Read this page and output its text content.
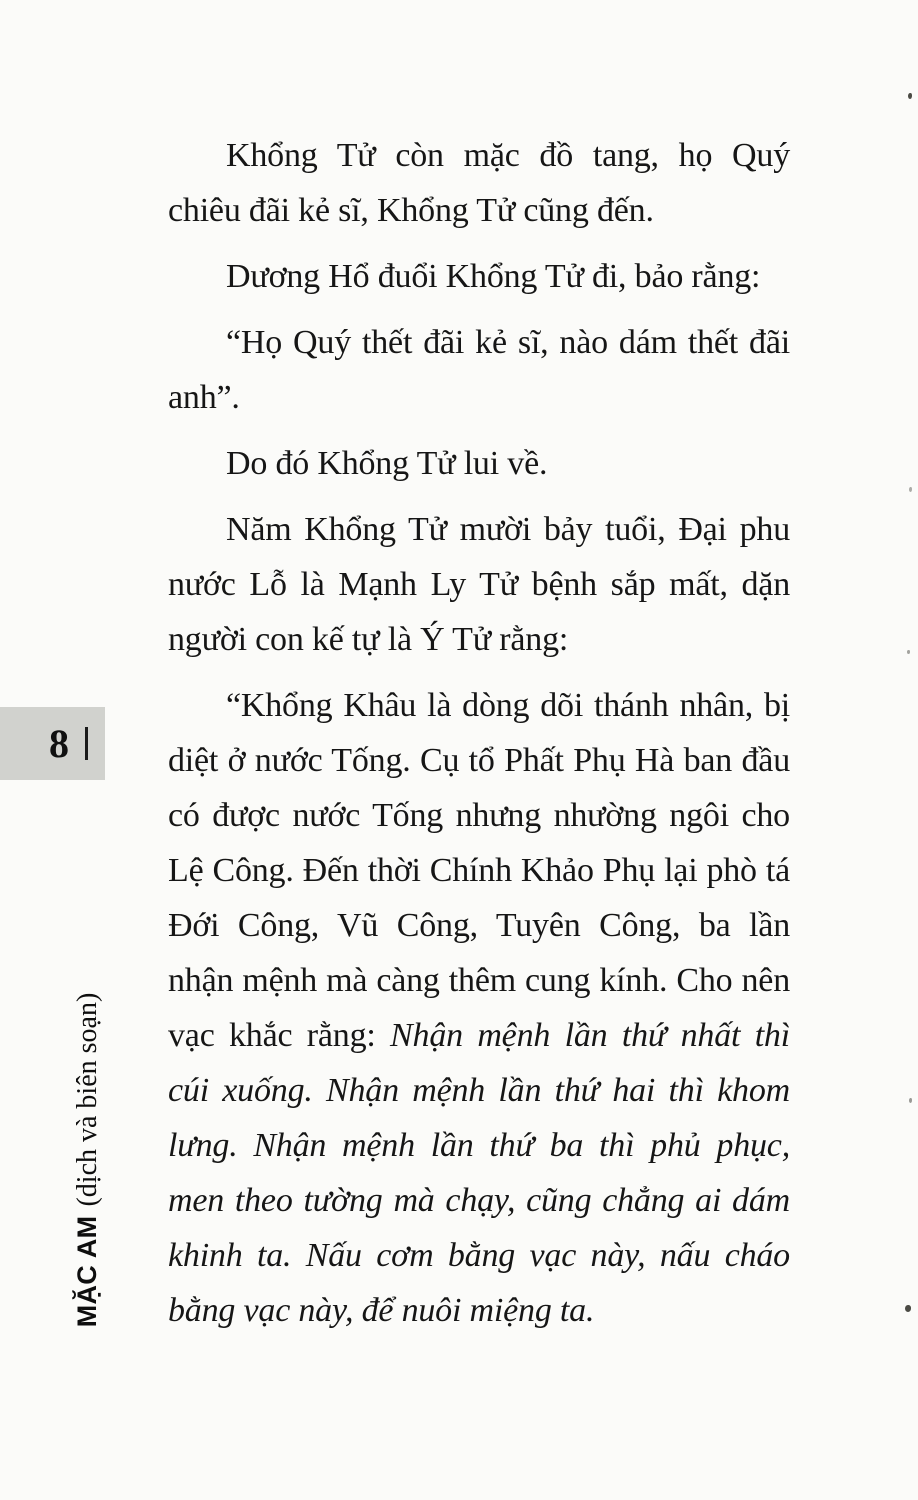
Khổng Tử còn mặc đồ tang, họ Quý chiêu đãi kẻ sĩ, Khổng Tử cũng đến.

Dương Hổ đuổi Khổng Tử đi, bảo rằng:

“Họ Quý thết đãi kẻ sĩ, nào dám thết đãi anh”.

Do đó Khổng Tử lui về.

Năm Khổng Tử mười bảy tuổi, Đại phu nước Lỗ là Mạnh Ly Tử bệnh sắp mất, dặn người con kế tự là Ý Tử rằng:

“Khổng Khâu là dòng dõi thánh nhân, bị diệt ở nước Tống. Cụ tổ Phất Phụ Hà ban đầu có được nước Tống nhưng nhường ngôi cho Lệ Công. Đến thời Chính Khảo Phụ lại phò tá Đới Công, Vũ Công, Tuyên Công, ba lần nhận mệnh mà càng thêm cung kính. Cho nên vạc khắc rằng: Nhận mệnh lần thứ nhất thì cúi xuống. Nhận mệnh lần thứ hai thì khom lưng. Nhận mệnh lần thứ ba thì phủ phục, men theo tường mà chạy, cũng chẳng ai dám khinh ta. Nấu cơm bằng vạc này, nấu cháo bằng vạc này, để nuôi miệng ta.

8
MẶC AM(dịch và biên soạn)
